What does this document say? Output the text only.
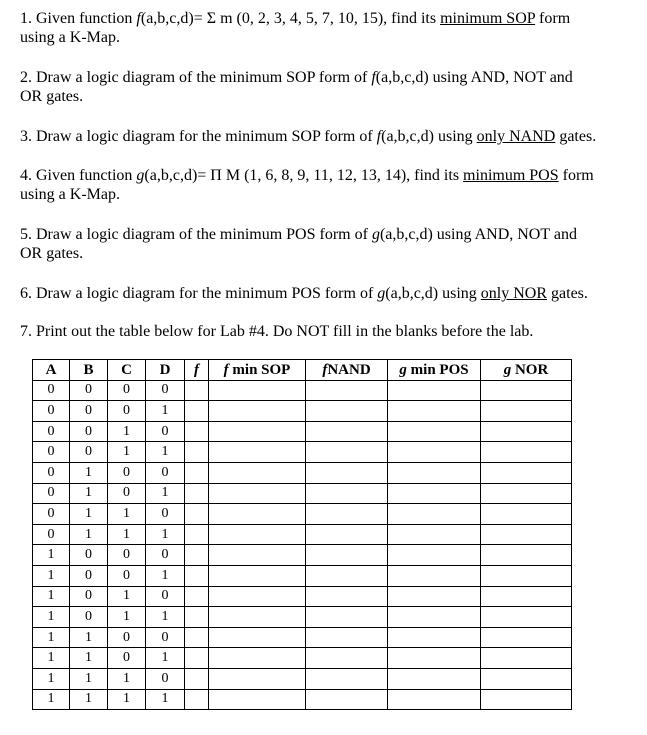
1. Given function f(a,b,c,d)= Σ m (0, 2, 3, 4, 5, 7, 10, 15), find its minimum SOP form

using a K-Map.

2. Draw a logic diagram of the minimum SOP form of f(a,b,c,d) using AND, NOT and

OR gates.

3. Draw a logic diagram for the minimum SOP form of f(a,b,c,d) using only NAND gates.

4. Given function g(a,b,c,d)= Π M (1, 6, 8, 9, 11, 12, 13, 14), find its minimum POS form

using a K-Map.

5. Draw a logic diagram of the minimum POS form of g(a,b,c,d) using AND, NOT and

OR gates.

6. Draw a logic diagram for the minimum POS form of g(a,b,c,d) using only NOR gates.

7. Print out the table below for Lab #4. Do NOT fill in the blanks before the lab.

A	B	C	D	f	f min SOP	fNAND	g min POS	g NOR
0	0	0	0					
0	0	0	1					
0	0	1	0					
0	0	1	1					
0	1	0	0					
0	1	0	1					
0	1	1	0					
0	1	1	1					
1	0	0	0					
1	0	0	1					
1	0	1	0					
1	0	1	1					
1	1	0	0					
1	1	0	1					
1	1	1	0					
1	1	1	1					
